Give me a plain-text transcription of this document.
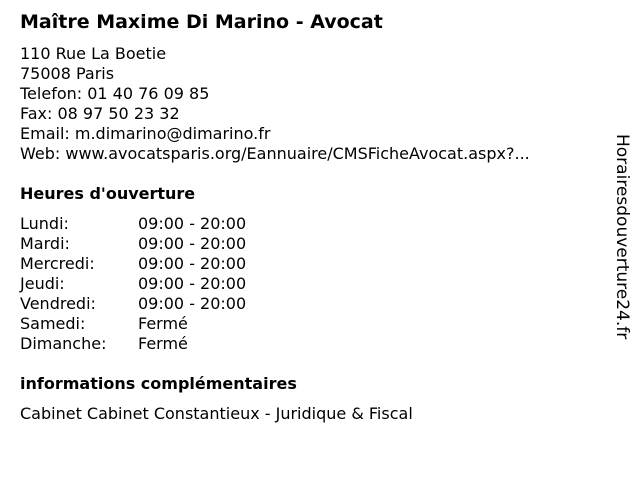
Maître Maxime Di Marino - Avocat
110 Rue La Boetie
75008 Paris
Telefon: 01 40 76 09 85
Fax: 08 97 50 23 32
Email: m.dimarino@dimarino.fr
Web: www.avocatsparis.org/Eannuaire/CMSFicheAvocat.aspx?...
Heures d'ouverture
Lundi:	09:00 - 20:00
Mardi:	09:00 - 20:00
Mercredi:	09:00 - 20:00
Jeudi:	09:00 - 20:00
Vendredi:	09:00 - 20:00
Samedi:	Fermé
Dimanche:	Fermé
informations complémentaires
Cabinet Cabinet Constantieux - Juridique & Fiscal
Horairesdouverture24.fr
